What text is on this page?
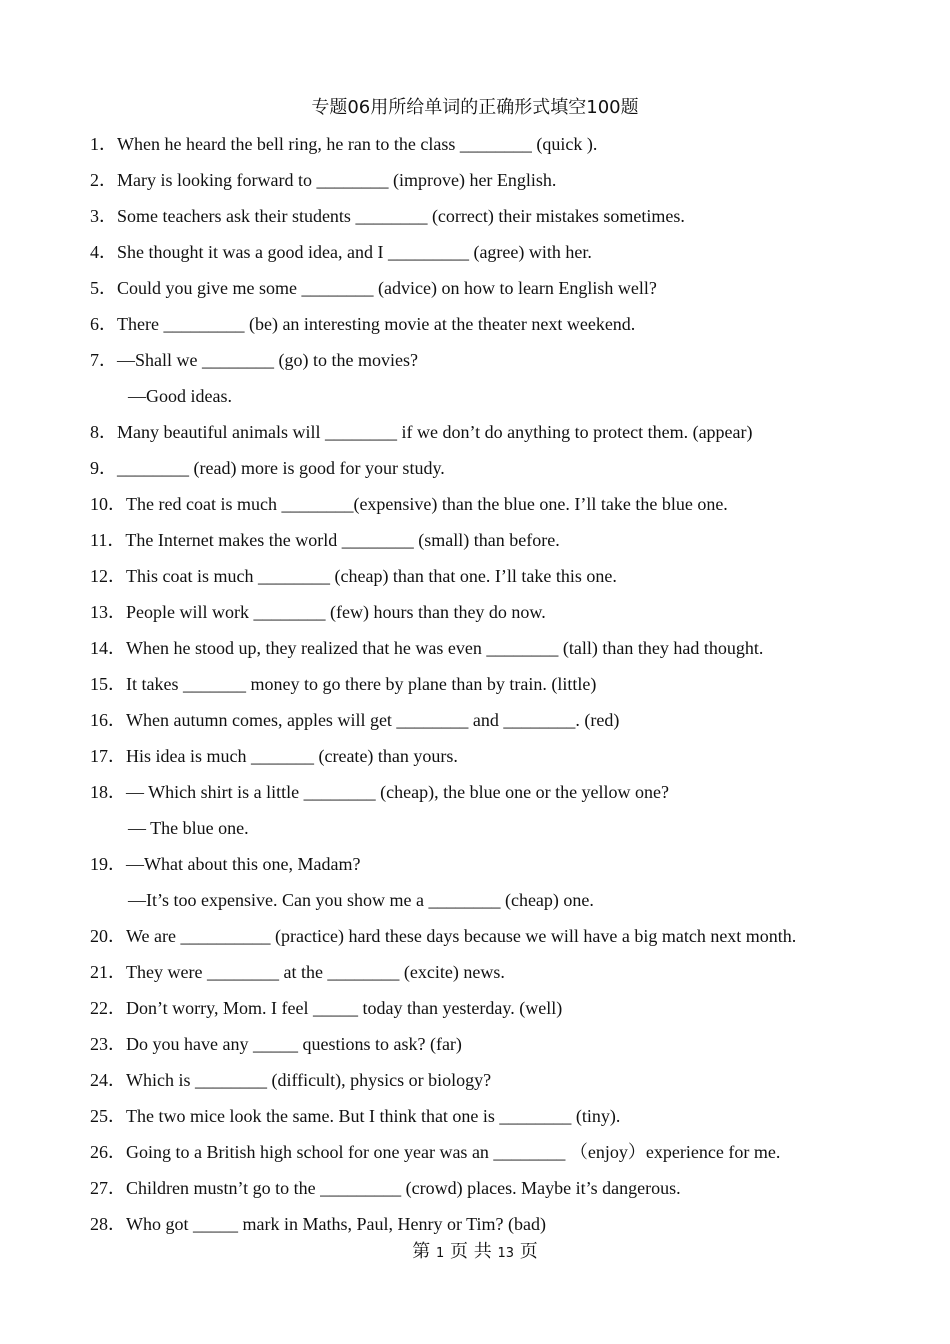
专题06用所给单词的正确形式填空100题
1．When he heard the bell ring, he ran to the class ________ (quick ).
2．Mary is looking forward to ________ (improve) her English.
3．Some teachers ask their students ________ (correct) their mistakes sometimes.
4．She thought it was a good idea, and I _________ (agree) with her.
5．Could you give me some ________ (advice) on how to learn English well?
6．There _________ (be) an interesting movie at the theater next weekend.
7．—Shall we ________ (go) to the movies?
—Good ideas.
8．Many beautiful animals will ________ if we don’t do anything to protect them. (appear)
9．________ (read) more is good for your study.
10．The red coat is much ________(expensive) than the blue one. I’ll take the blue one.
11．The Internet makes the world ________ (small) than before.
12．This coat is much ________ (cheap) than that one. I’ll take this one.
13．People will work ________ (few) hours than they do now.
14．When he stood up, they realized that he was even ________ (tall) than they had thought.
15．It takes _______ money to go there by plane than by train. (little)
16．When autumn comes, apples will get ________ and ________. (red)
17．His idea is much _______ (create) than yours.
18．— Which shirt is a little ________ (cheap), the blue one or the yellow one?
— The blue one.
19．—What about this one, Madam?
—It’s too expensive. Can you show me a ________ (cheap) one.
20．We are __________ (practice) hard these days because we will have a big match next month.
21．They were ________ at the ________ (excite) news.
22．Don’t worry, Mom. I feel _____ today than yesterday. (well)
23．Do you have any _____ questions to ask? (far)
24．Which is ________ (difficult), physics or biology?
25．The two mice look the same. But I think that one is ________ (tiny).
26．Going to a British high school for one year was an ________ （enjoy）experience for me.
27．Children mustn’t go to the _________ (crowd) places. Maybe it’s dangerous.
28．Who got _____ mark in Maths, Paul, Henry or Tim? (bad)
第 1 页 共 13 页
